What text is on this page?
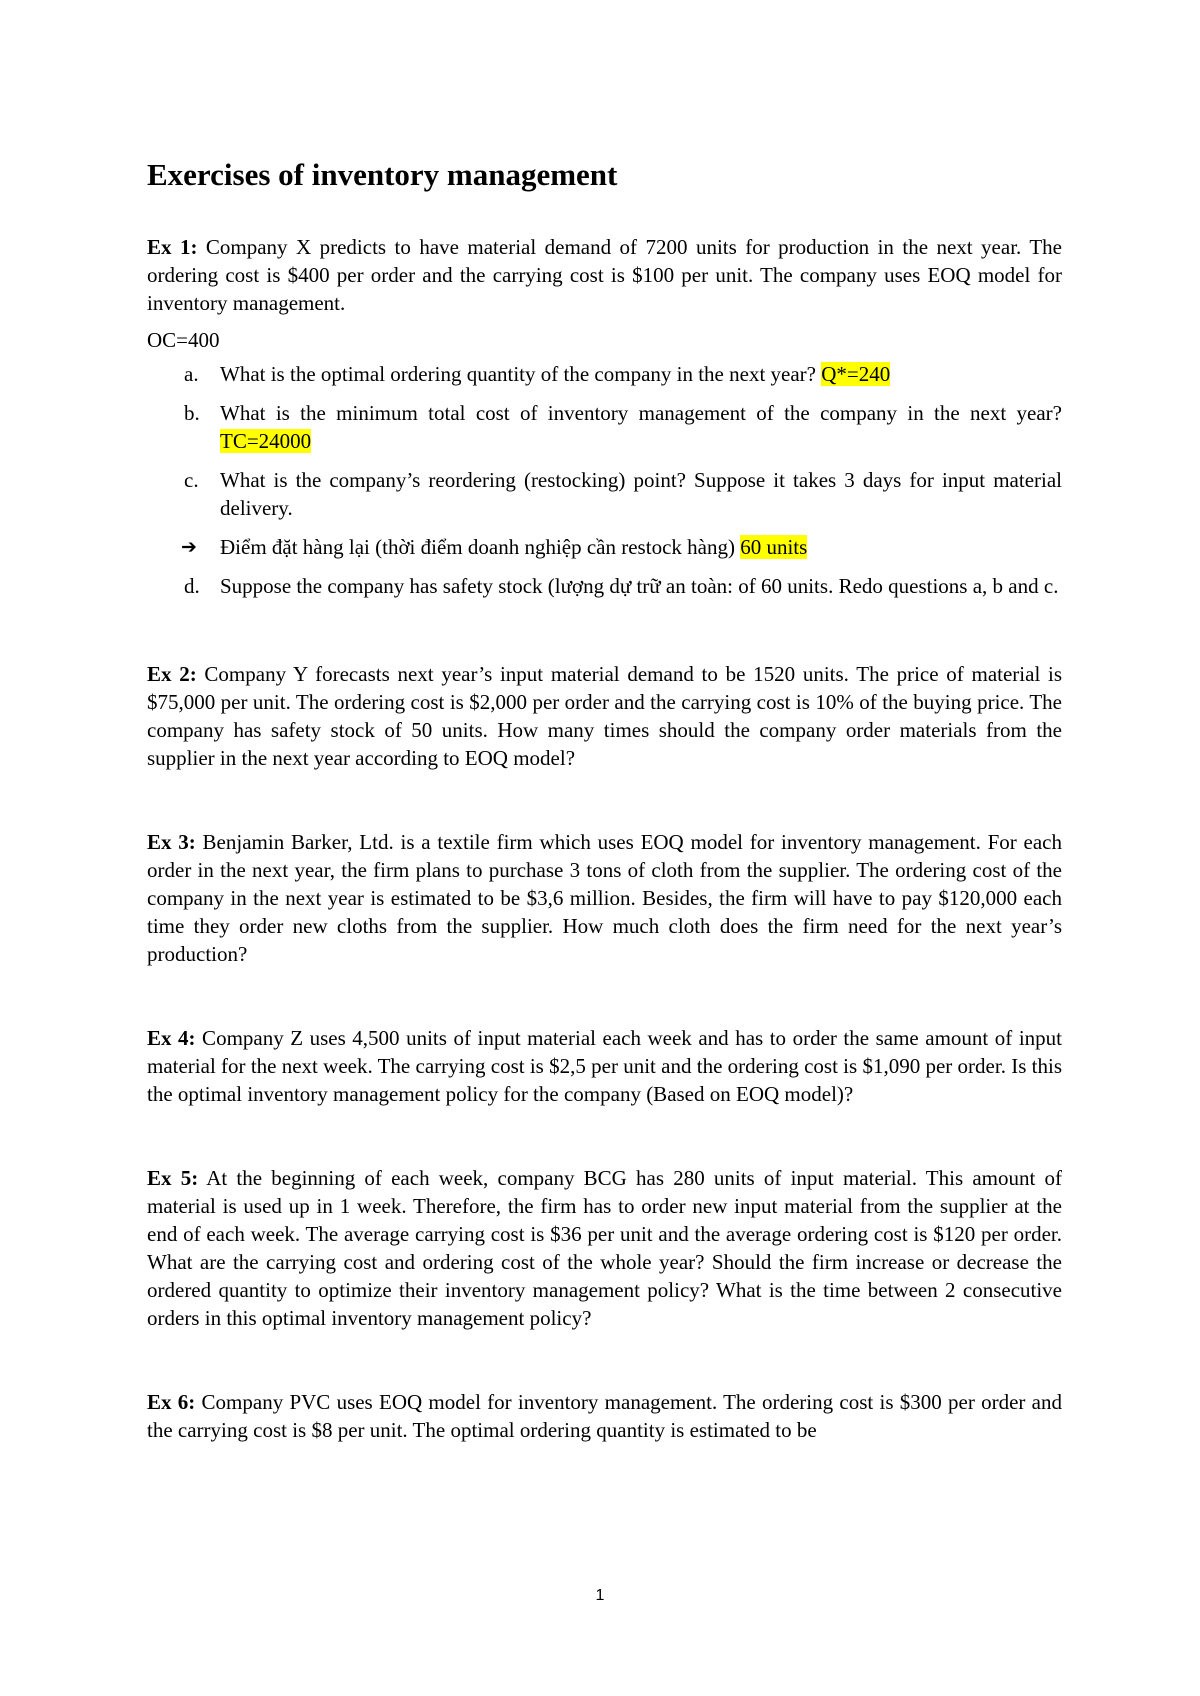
Exercises of inventory management

Ex 1: Company X predicts to have material demand of 7200 units for production in the next year. The ordering cost is $400 per order and the carrying cost is $100 per unit. The company uses EOQ model for inventory management.

OC=400

a. What is the optimal ordering quantity of the company in the next year? Q*=240
b. What is the minimum total cost of inventory management of the company in the next year? TC=24000
c. What is the company’s reordering (restocking) point? Suppose it takes 3 days for input material delivery.
➔ Điểm đặt hàng lại (thời điểm doanh nghiệp cần restock hàng) 60 units
d. Suppose the company has safety stock (lượng dự trữ an toàn: of 60 units. Redo questions a, b and c.

Ex 2: Company Y forecasts next year’s input material demand to be 1520 units. The price of material is $75,000 per unit. The ordering cost is $2,000 per order and the carrying cost is 10% of the buying price. The company has safety stock of 50 units. How many times should the company order materials from the supplier in the next year according to EOQ model?

Ex 3: Benjamin Barker, Ltd. is a textile firm which uses EOQ model for inventory management. For each order in the next year, the firm plans to purchase 3 tons of cloth from the supplier. The ordering cost of the company in the next year is estimated to be $3,6 million. Besides, the firm will have to pay $120,000 each time they order new cloths from the supplier. How much cloth does the firm need for the next year’s production?

Ex 4: Company Z uses 4,500 units of input material each week and has to order the same amount of input material for the next week. The carrying cost is $2,5 per unit and the ordering cost is $1,090 per order. Is this the optimal inventory management policy for the company (Based on EOQ model)?

Ex 5: At the beginning of each week, company BCG has 280 units of input material. This amount of material is used up in 1 week. Therefore, the firm has to order new input material from the supplier at the end of each week. The average carrying cost is $36 per unit and the average ordering cost is $120 per order. What are the carrying cost and ordering cost of the whole year? Should the firm increase or decrease the ordered quantity to optimize their inventory management policy? What is the time between 2 consecutive orders in this optimal inventory management policy?

Ex 6: Company PVC uses EOQ model for inventory management. The ordering cost is $300 per order and the carrying cost is $8 per unit. The optimal ordering quantity is estimated to be

1
